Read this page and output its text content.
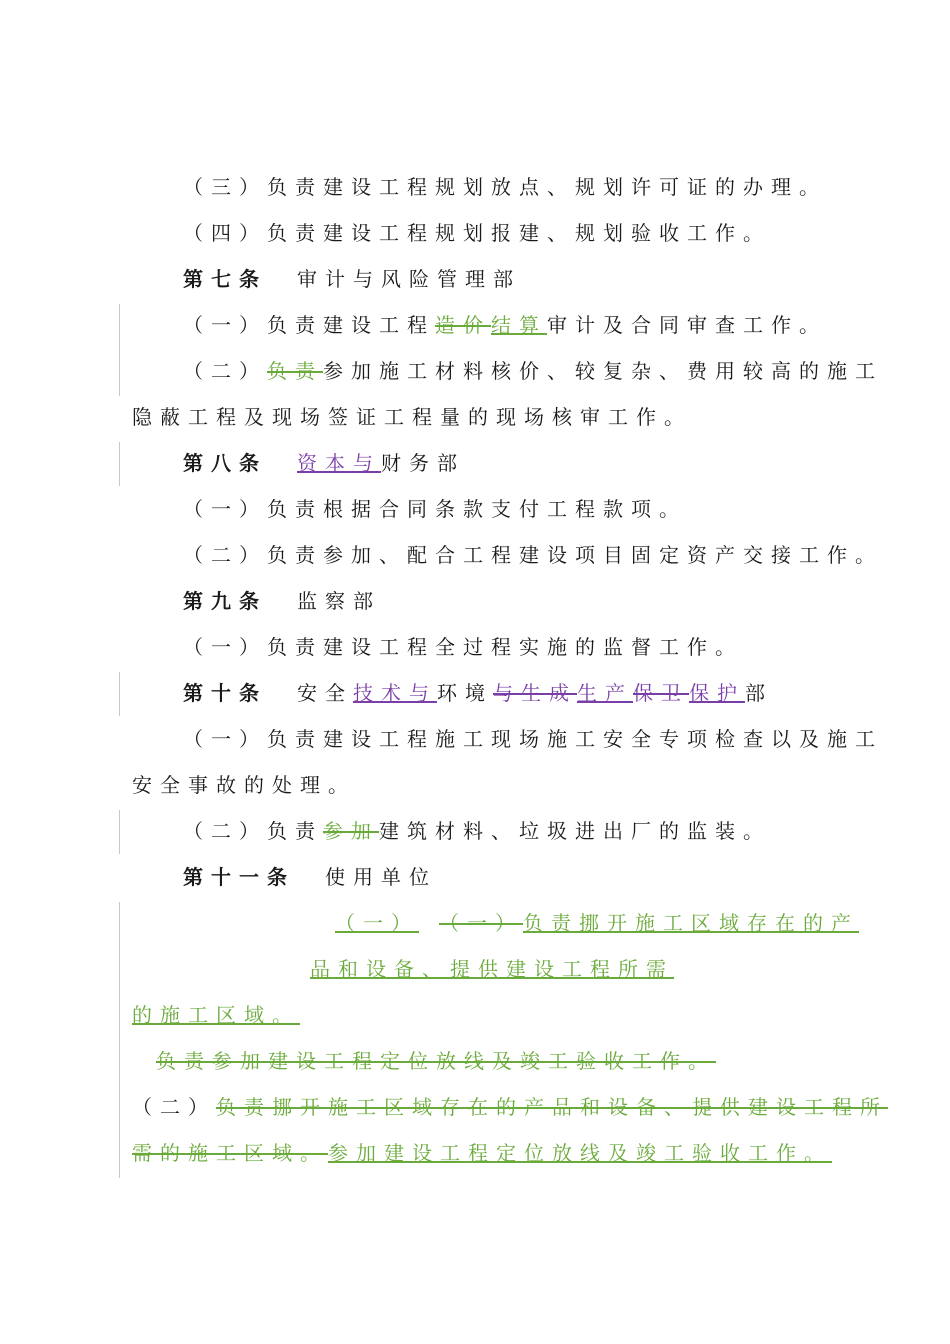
（三）负责建设工程规划放点、规划许可证的办理。
（四）负责建设工程规划报建、规划验收工作。
第七条 审计与风险管理部
（一）负责建设工程造价结算审计及合同审查工作。
（二）负责参加施工材料核价、较复杂、费用较高的施工
隐蔽工程及现场签证工程量的现场核审工作。
第八条 资本与财务部
（一）负责根据合同条款支付工程款项。
（二）负责参加、配合工程建设项目固定资产交接工作。
第九条 监察部
（一）负责建设工程全过程实施的监督工作。
第十条 安全技术与环境与生成生产保卫保护部
（一）负责建设工程施工现场施工安全专项检查以及施工
安全事故的处理。
（二）负责参加建筑材料、垃圾进出厂的监装。
第十一条 使用单位
（一） （一）负责挪开施工区域存在的产
品和设备、提供建设工程所需
的施工区域。
负责参加建设工程定位放线及竣工验收工作。
（二）负责挪开施工区域存在的产品和设备、提供建设工程所
需的施工区域。参加建设工程定位放线及竣工验收工作。
